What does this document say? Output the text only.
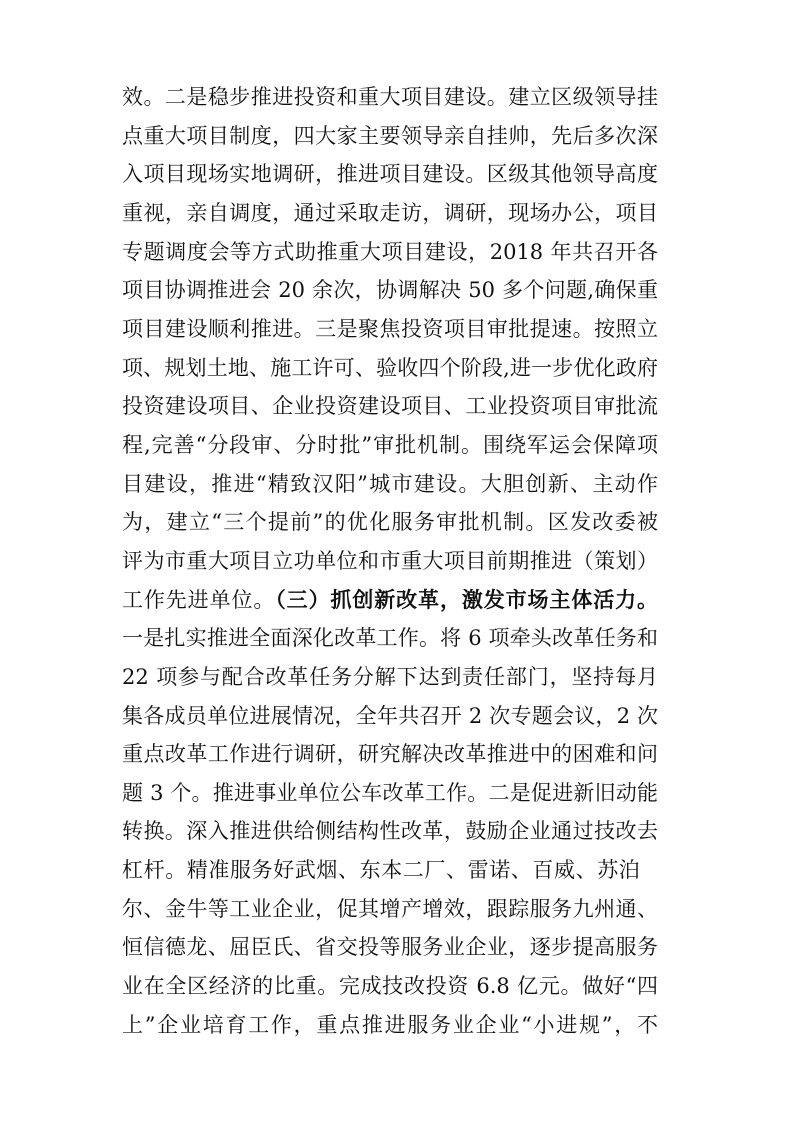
效。二是稳步推进投资和重大项目建设。建立区级领导挂
点重大项目制度，四大家主要领导亲自挂帅，先后多次深
入项目现场实地调研，推进项目建设。区级其他领导高度
重视，亲自调度，通过采取走访，调研，现场办公，项目
专题调度会等方式助推重大项目建设，2018 年共召开各
项目协调推进会 20 余次，协调解决 50 多个问题,确保重
项目建设顺利推进。三是聚焦投资项目审批提速。按照立
项、规划土地、施工许可、验收四个阶段,进一步优化政府
投资建设项目、企业投资建设项目、工业投资项目审批流
程,完善“分段审、分时批”审批机制。围绕军运会保障项
目建设，推进“精致汉阳”城市建设。大胆创新、主动作
为，建立“三个提前”的优化服务审批机制。区发改委被
评为市重大项目立功单位和市重大项目前期推进（策划）
工作先进单位。（三）抓创新改革，激发市场主体活力。
一是扎实推进全面深化改革工作。将 6 项牵头改革任务和
22 项参与配合改革任务分解下达到责任部门，坚持每月
集各成员单位进展情况，全年共召开 2 次专题会议，2 次
重点改革工作进行调研，研究解决改革推进中的困难和问
题 3 个。推进事业单位公车改革工作。二是促进新旧动能
转换。深入推进供给侧结构性改革，鼓励企业通过技改去
杠杆。精准服务好武烟、东本二厂、雷诺、百威、苏泊
尔、金牛等工业企业，促其增产增效，跟踪服务九州通、
恒信德龙、屈臣氏、省交投等服务业企业，逐步提高服务
业在全区经济的比重。完成技改投资 6.8 亿元。做好“四
上”企业培育工作，重点推进服务业企业“小进规”，不
